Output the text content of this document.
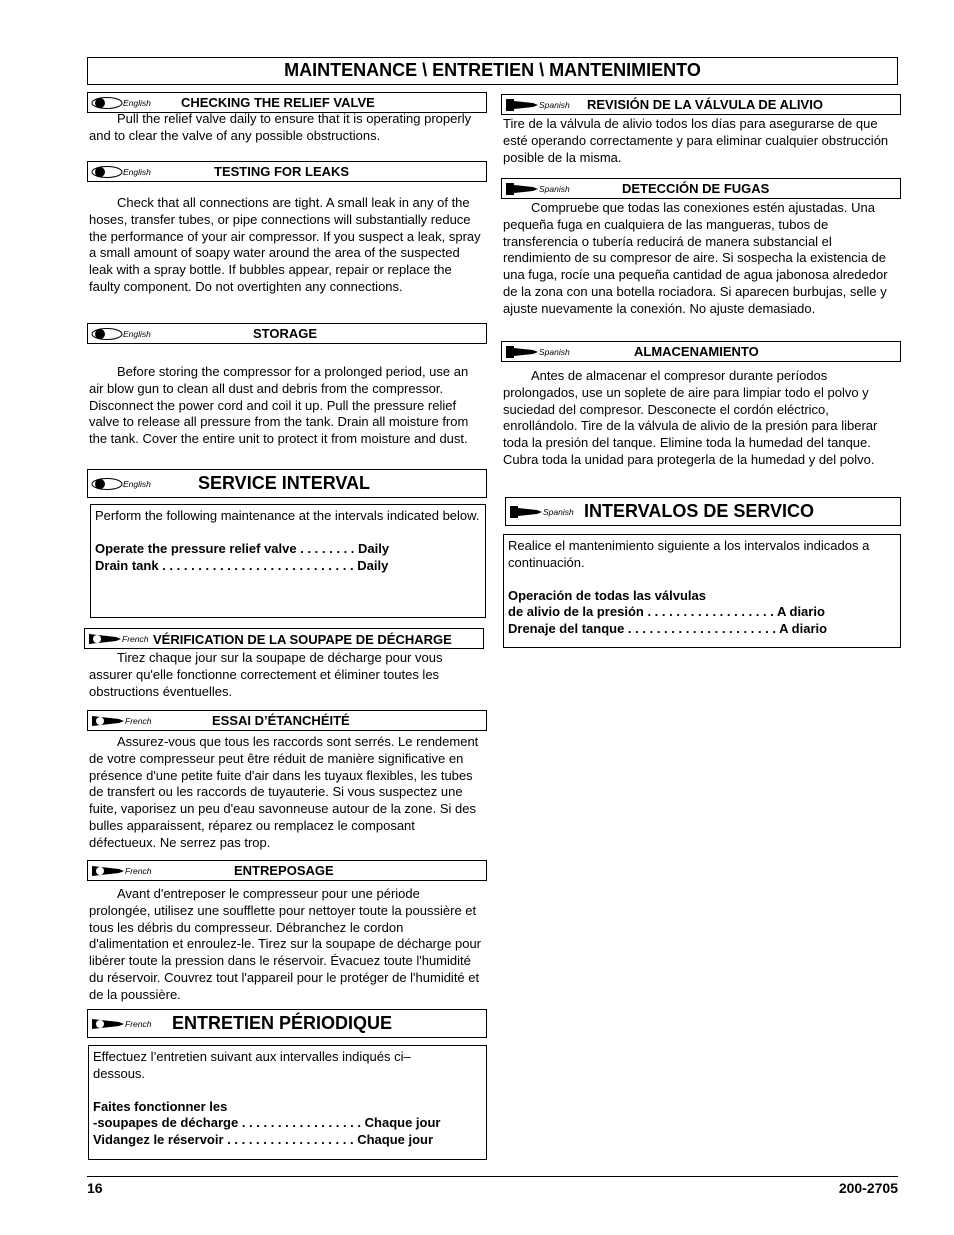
MAINTENANCE \ ENTRETIEN \ MANTENIMIENTO
English CHECKING THE RELIEF VALVE
Pull the relief valve daily to ensure that it is operating properly and to clear the valve of any possible obstructions.
English	TESTING FOR LEAKS
Check that all connections are tight. A small leak in any of the hoses, transfer tubes, or pipe connections will substantially reduce the performance of your air compressor. If you suspect a leak, spray a small amount of soapy water around the area of the suspected leak with a spray bottle. If bubbles appear, repair or replace the faulty component. Do not overtighten any connections.
English	STORAGE
Before storing the compressor for a prolonged period, use an air blow gun to clean all dust and debris from the compressor. Disconnect the power cord and coil it up. Pull the pressure relief valve to release all pressure from the tank. Drain all moisture from the tank. Cover the entire unit to protect it from moisture and dust.
English	SERVICE INTERVAL
Perform the following maintenance at the intervals indicated below.
Operate the pressure relief valve . . . . . . . . Daily
Drain tank . . . . . . . . . . . . . . . . . . . . . . . . . . . Daily
French VÉRIFICATION DE LA SOUPAPE DE DÉCHARGE
Tirez chaque jour sur la soupape de décharge pour vous assurer qu'elle fonctionne correctement et éliminer toutes les obstructions éventuelles.
French	ESSAI D’ÉTANCHÉITÉ
Assurez-vous que tous les raccords sont serrés. Le rendement de votre compresseur peut être réduit de manière significative en présence d'une petite fuite d'air dans les tuyaux flexibles, les tubes de transfert ou les raccords de tuyauterie. Si vous suspectez une fuite, vaporisez un peu d'eau savonneuse autour de la zone. Si des bulles apparaissent, réparez ou remplacez le composant défectueux. Ne serrez pas trop.
French	ENTREPOSAGE
Avant d'entreposer le compresseur pour une période prolongée, utilisez une soufflette pour nettoyer toute la poussière et tous les débris du compresseur. Débranchez le cordon d'alimentation et enroulez-le. Tirez sur la soupape de décharge pour libérer toute la pression dans le réservoir. Évacuez toute l'humidité du réservoir. Couvrez tout l'appareil pour le protéger de l'humidité et de la poussière.
French ENTRETIEN PÉRIODIQUE
Effectuez l’entretien suivant aux intervalles indiqués ci–dessous.
Faites fonctionner les
-soupapes de décharge . . . . . . . . . . . . . . . . . Chaque jour
Vidangez le réservoir . . . . . . . . . . . . . . . . . . Chaque jour
Spanish REVISIÓN DE LA VÁLVULA DE ALIVIO
Tire de la válvula de alivio todos los días para asegurarse de que esté operando correctamente y para eliminar cualquier obstrucción posible de la misma.
Spanish	DETECCIÓN DE FUGAS
Compruebe que todas las conexiones estén ajustadas. Una pequeña fuga en cualquiera de las mangueras, tubos de transferencia o tubería reducirá de manera substancial el rendimiento de su compresor de aire. Si sospecha la existencia de una fuga, rocíe una pequeña cantidad de agua jabonosa alrededor de la zona con una botella rociadora. Si aparecen burbujas, selle y ajuste nuevamente la conexión. No ajuste demasiado.
Spanish	ALMACENAMIENTO
Antes de almacenar el compresor durante períodos prolongados, use un soplete de aire para limpiar todo el polvo y suciedad del compresor. Desconecte el cordón eléctrico, enrollándolo. Tire de la válvula de alivio de la presión para liberar toda la presión del tanque. Elimine toda la humedad del tanque. Cubra toda la unidad para protegerla de la humedad y del polvo.
Spanish INTERVALOS DE SERVICO
Realice el mantenimiento siguiente a los intervalos indicados a continuación.
Operación de todas las válvulas
de alivio de la presión . . . . . . . . . . . . . . . . . . A diario
Drenaje del tanque . . . . . . . . . . . . . . . . . . . . . A diario
16	200-2705
